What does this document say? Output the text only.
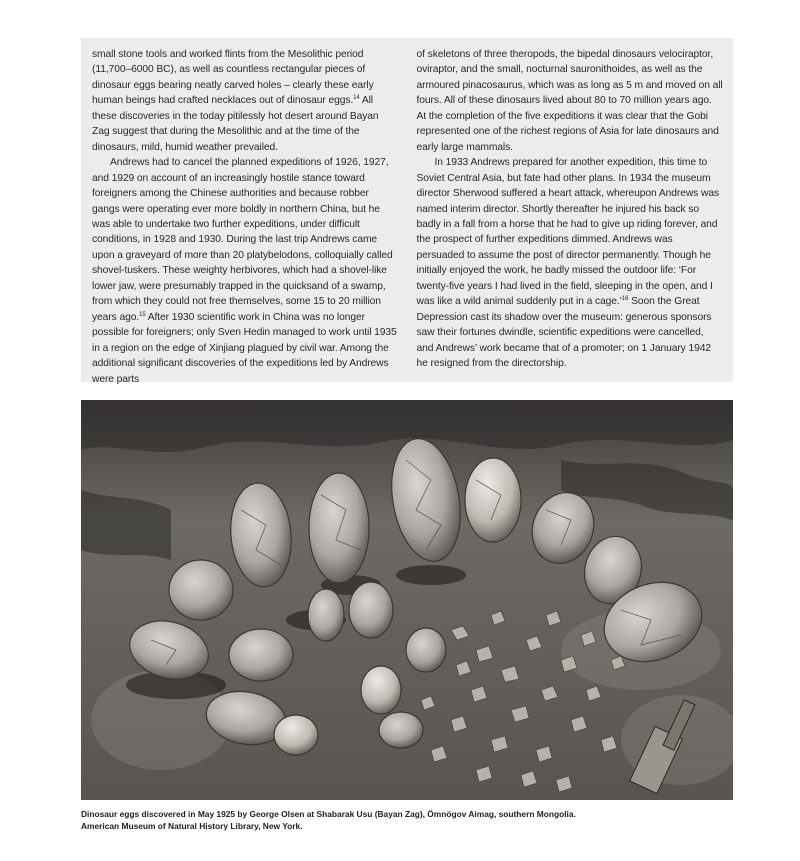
small stone tools and worked flints from the Mesolithic period (11,700–6000 BC), as well as countless rectangular pieces of dinosaur eggs bearing neatly carved holes – clearly these early human beings had crafted necklaces out of dinosaur eggs.$^{14}$ All these discoveries in the today pitilessly hot desert around Bayan Zag suggest that during the Mesolithic and at the time of the dinosaurs, mild, humid weather prevailed.

Andrews had to cancel the planned expeditions of 1926, 1927, and 1929 on account of an increasingly hostile stance toward foreigners among the Chinese authorities and because robber gangs were operating ever more boldly in northern China, but he was able to undertake two further expeditions, under difficult conditions, in 1928 and 1930. During the last trip Andrews came upon a graveyard of more than 20 platybelodons, colloquially called shovel-tuskers. These weighty herbivores, which had a shovel-like lower jaw, were presumably trapped in the quicksand of a swamp, from which they could not free themselves, some 15 to 20 million years ago.$^{15}$ After 1930 scientific work in China was no longer possible for foreigners; only Sven Hedin managed to work until 1935 in a region on the edge of Xinjiang plagued by civil war. Among the additional significant discoveries of the expeditions led by Andrews were parts

of skeletons of three theropods, the bipedal dinosaurs velociraptor, oviraptor, and the small, nocturnal sauronithoides, as well as the armoured pinacosaurus, which was as long as 5 m and moved on all fours. All of these dinosaurs lived about 80 to 70 million years ago. At the completion of the five expeditions it was clear that the Gobi represented one of the richest regions of Asia for late dinosaurs and early large mammals.

In 1933 Andrews prepared for another expedition, this time to Soviet Central Asia, but fate had other plans. In 1934 the museum director Sherwood suffered a heart attack, whereupon Andrews was named interim director. Shortly thereafter he injured his back so badly in a fall from a horse that he had to give up riding forever, and the prospect of further expeditions dimmed. Andrews was persuaded to assume the post of director permanently. Though he initially enjoyed the work, he badly missed the outdoor life: ‘For twenty-five years I had lived in the field, sleeping in the open, and I was like a wild animal suddenly put in a cage.’$^{16}$ Soon the Great Depression cast its shadow over the museum: generous sponsors saw their fortunes dwindle, scientific expeditions were cancelled, and Andrews’ work became that of a promoter; on 1 January 1942 he resigned from the directorship.

Dinosaur eggs discovered in May 1925 by George Olsen at Shabarak Usu (Bayan Zag), Ömnögov Aimag, southern Mongolia.
American Museum of Natural History Library, New York.
